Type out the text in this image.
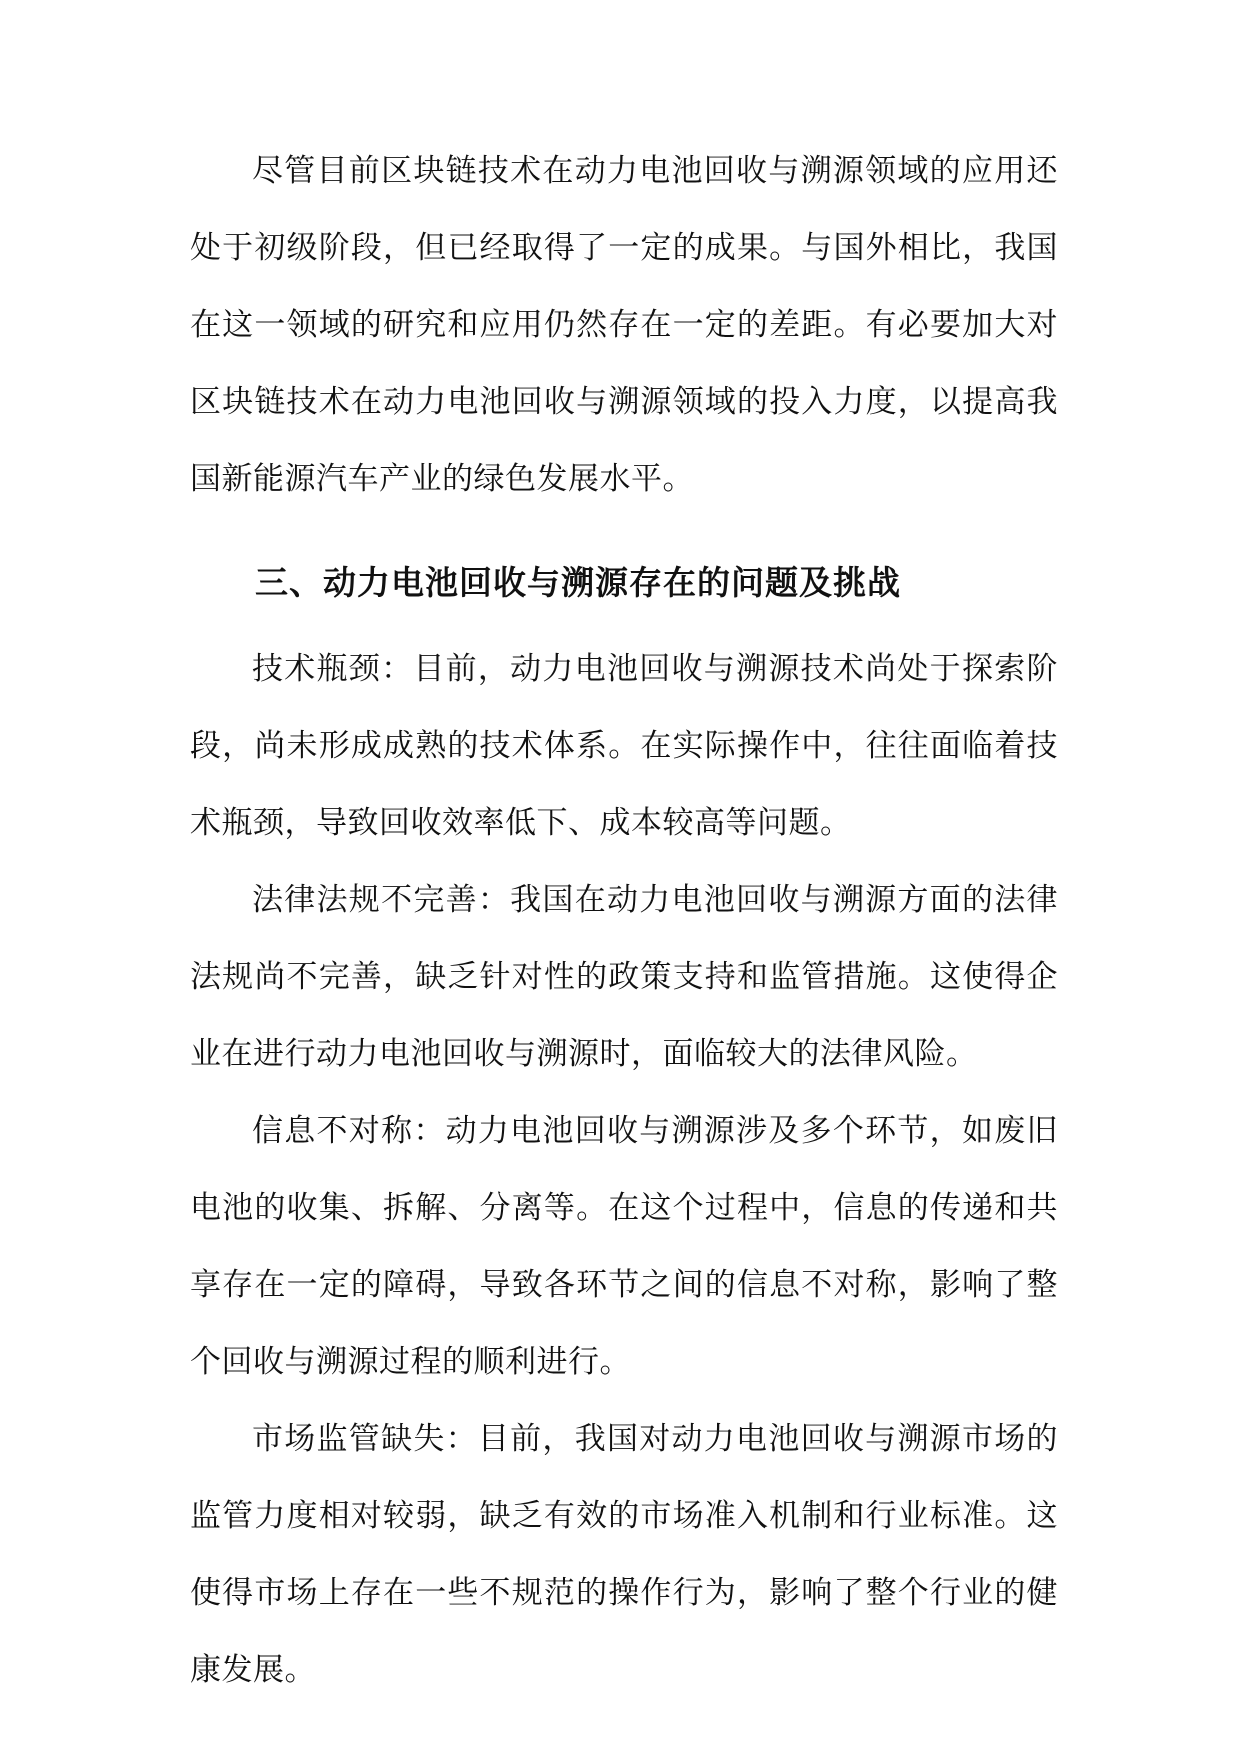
尽管目前区块链技术在动力电池回收与溯源领域的应用还处于初级阶段，但已经取得了一定的成果。与国外相比，我国在这一领域的研究和应用仍然存在一定的差距。有必要加大对区块链技术在动力电池回收与溯源领域的投入力度，以提高我国新能源汽车产业的绿色发展水平。

三、动力电池回收与溯源存在的问题及挑战

技术瓶颈：目前，动力电池回收与溯源技术尚处于探索阶段，尚未形成成熟的技术体系。在实际操作中，往往面临着技术瓶颈，导致回收效率低下、成本较高等问题。

法律法规不完善：我国在动力电池回收与溯源方面的法律法规尚不完善，缺乏针对性的政策支持和监管措施。这使得企业在进行动力电池回收与溯源时，面临较大的法律风险。

信息不对称：动力电池回收与溯源涉及多个环节，如废旧电池的收集、拆解、分离等。在这个过程中，信息的传递和共享存在一定的障碍，导致各环节之间的信息不对称，影响了整个回收与溯源过程的顺利进行。

市场监管缺失：目前，我国对动力电池回收与溯源市场的监管力度相对较弱，缺乏有效的市场准入机制和行业标准。这使得市场上存在一些不规范的操作行为，影响了整个行业的健康发展。
